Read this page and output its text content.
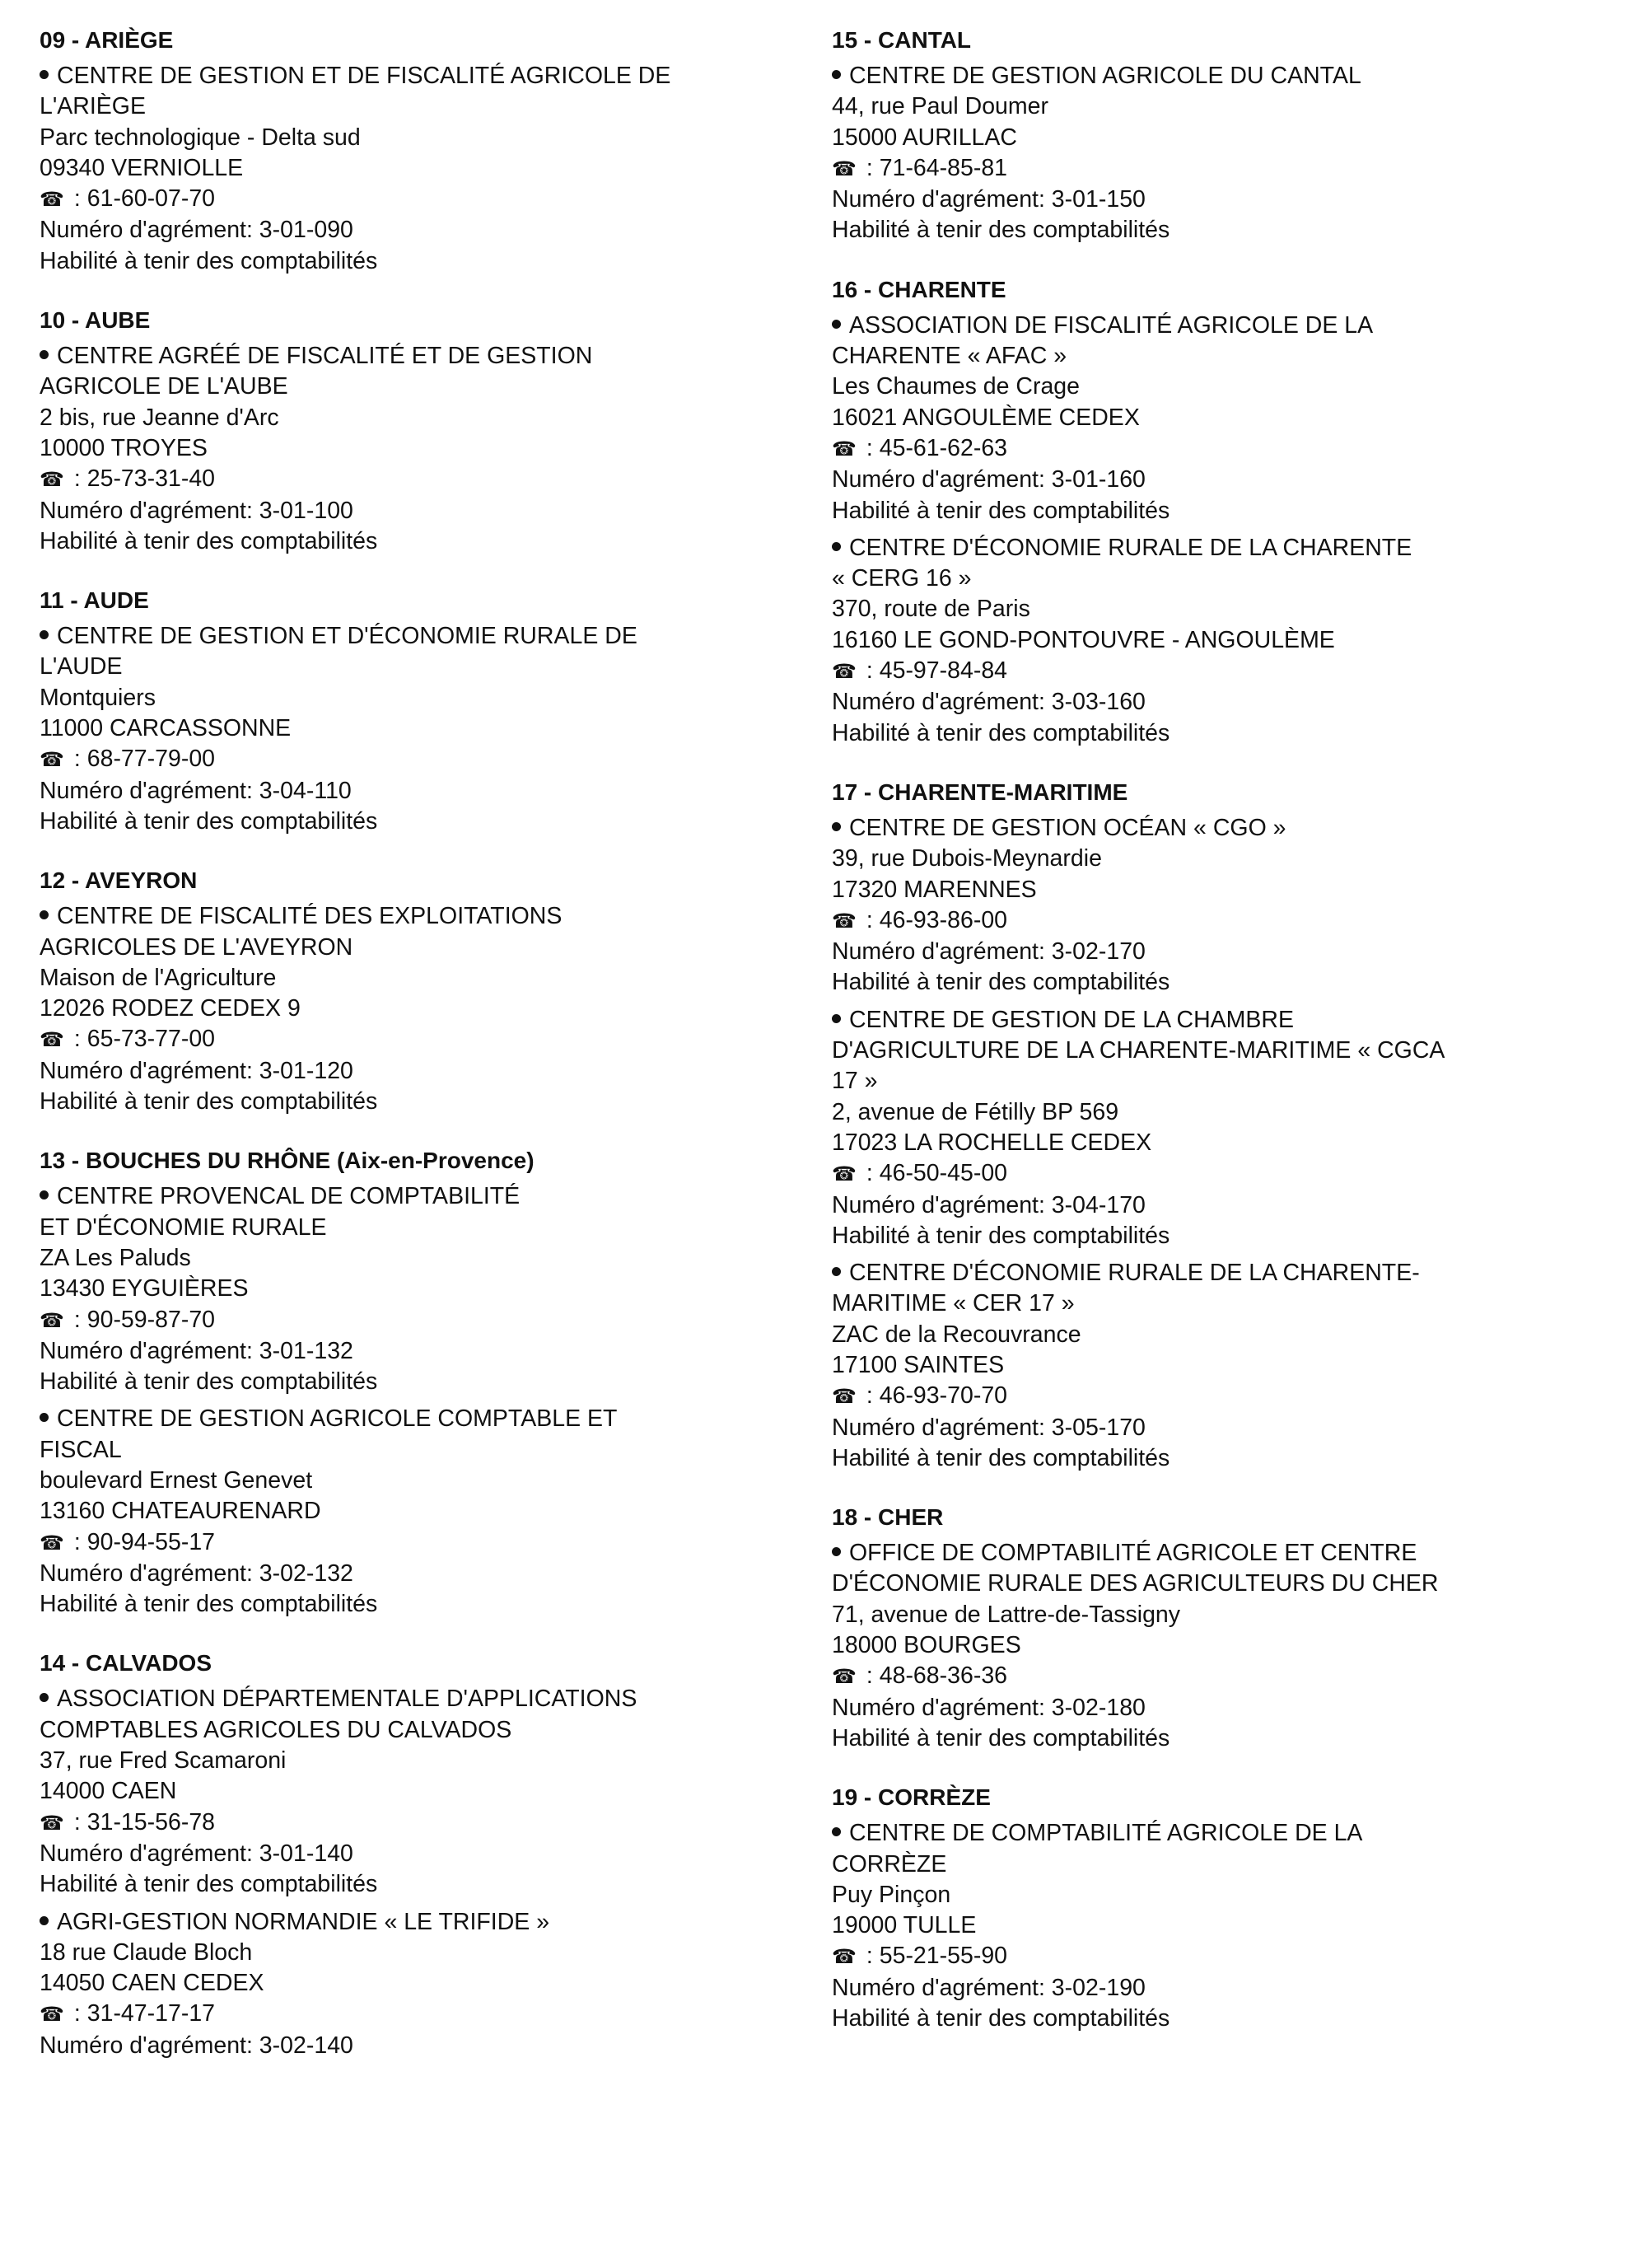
09 - ARIÈGE
CENTRE DE GESTION ET DE FISCALITÉ AGRICOLE DE
L'ARIÈGE
Parc technologique - Delta sud
09340 VERNIOLLE
☎ : 61-60-07-70
Numéro d'agrément: 3-01-090
Habilité à tenir des comptabilités
10 - AUBE
CENTRE AGRÉÉ DE FISCALITÉ ET DE GESTION
AGRICOLE DE L'AUBE
2 bis, rue Jeanne d'Arc
10000 TROYES
☎ : 25-73-31-40
Numéro d'agrément: 3-01-100
Habilité à tenir des comptabilités
11 - AUDE
CENTRE DE GESTION ET D'ÉCONOMIE RURALE DE
L'AUDE
Montquiers
11000 CARCASSONNE
☎ : 68-77-79-00
Numéro d'agrément: 3-04-110
Habilité à tenir des comptabilités
12 - AVEYRON
CENTRE DE FISCALITÉ DES EXPLOITATIONS
AGRICOLES DE L'AVEYRON
Maison de l'Agriculture
12026 RODEZ CEDEX 9
☎ : 65-73-77-00
Numéro d'agrément: 3-01-120
Habilité à tenir des comptabilités
13 - BOUCHES DU RHÔNE (Aix-en-Provence)
CENTRE PROVENCAL DE COMPTABILITÉ
ET D'ÉCONOMIE RURALE
ZA Les Paluds
13430 EYGUIÈRES
☎ : 90-59-87-70
Numéro d'agrément: 3-01-132
Habilité à tenir des comptabilités
CENTRE DE GESTION AGRICOLE COMPTABLE ET
FISCAL
boulevard Ernest Genevet
13160 CHATEAURENARD
☎ : 90-94-55-17
Numéro d'agrément: 3-02-132
Habilité à tenir des comptabilités
14 - CALVADOS
ASSOCIATION DÉPARTEMENTALE D'APPLICATIONS
COMPTABLES AGRICOLES DU CALVADOS
37, rue Fred Scamaroni
14000 CAEN
☎ : 31-15-56-78
Numéro d'agrément: 3-01-140
Habilité à tenir des comptabilités
AGRI-GESTION NORMANDIE « LE TRIFIDE »
18 rue Claude Bloch
14050 CAEN CEDEX
☎ : 31-47-17-17
Numéro d'agrément: 3-02-140
15 - CANTAL
CENTRE DE GESTION AGRICOLE DU CANTAL
44, rue Paul Doumer
15000 AURILLAC
☎ : 71-64-85-81
Numéro d'agrément: 3-01-150
Habilité à tenir des comptabilités
16 - CHARENTE
ASSOCIATION DE FISCALITÉ AGRICOLE DE LA
CHARENTE « AFAC »
Les Chaumes de Crage
16021 ANGOULÈME CEDEX
☎ : 45-61-62-63
Numéro d'agrément: 3-01-160
Habilité à tenir des comptabilités
CENTRE D'ÉCONOMIE RURALE DE LA CHARENTE
« CERG 16 »
370, route de Paris
16160 LE GOND-PONTOUVRE - ANGOULÈME
☎ : 45-97-84-84
Numéro d'agrément: 3-03-160
Habilité à tenir des comptabilités
17 - CHARENTE-MARITIME
CENTRE DE GESTION OCÉAN « CGO »
39, rue Dubois-Meynardie
17320 MARENNES
☎ : 46-93-86-00
Numéro d'agrément: 3-02-170
Habilité à tenir des comptabilités
CENTRE DE GESTION DE LA CHAMBRE
D'AGRICULTURE DE LA CHARENTE-MARITIME « CGCA
17 »
2, avenue de Fétilly BP 569
17023 LA ROCHELLE CEDEX
☎ : 46-50-45-00
Numéro d'agrément: 3-04-170
Habilité à tenir des comptabilités
CENTRE D'ÉCONOMIE RURALE DE LA CHARENTE-
MARITIME « CER 17 »
ZAC de la Recouvrance
17100 SAINTES
☎ : 46-93-70-70
Numéro d'agrément: 3-05-170
Habilité à tenir des comptabilités
18 - CHER
OFFICE DE COMPTABILITÉ AGRICOLE ET CENTRE
D'ÉCONOMIE RURALE DES AGRICULTEURS DU CHER
71, avenue de Lattre-de-Tassigny
18000 BOURGES
☎ : 48-68-36-36
Numéro d'agrément: 3-02-180
Habilité à tenir des comptabilités
19 - CORRÈZE
CENTRE DE COMPTABILITÉ AGRICOLE DE LA
CORRÈZE
Puy Pinçon
19000 TULLE
☎ : 55-21-55-90
Numéro d'agrément: 3-02-190
Habilité à tenir des comptabilités
